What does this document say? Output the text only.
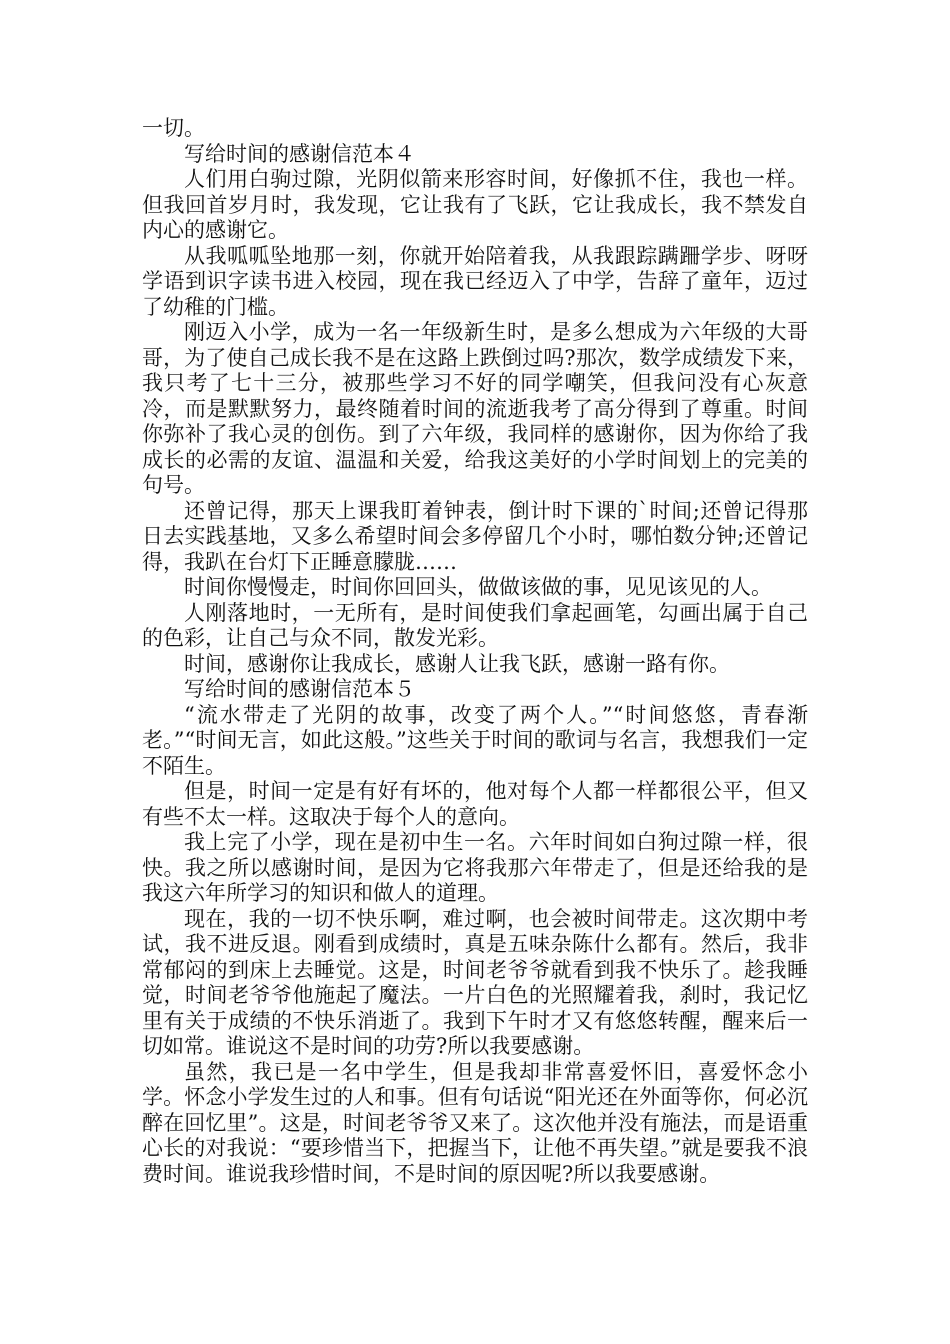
一切。

写给时间的感谢信范本４

人们用白驹过隙，光阴似箭来形容时间，好像抓不住，我也一样。但我回首岁月时，我发现，它让我有了飞跃，它让我成长，我不禁发自内心的感谢它。

从我呱呱坠地那一刻，你就开始陪着我，从我跟踪蹒跚学步、呀呀学语到识字读书进入校园，现在我已经迈入了中学，告辞了童年，迈过了幼稚的门槛。

刚迈入小学，成为一名一年级新生时，是多么想成为六年级的大哥哥，为了使自己成长我不是在这路上跌倒过吗?那次，数学成绩发下来，我只考了七十三分，被那些学习不好的同学嘲笑，但我问没有心灰意冷，而是默默努力，最终随着时间的流逝我考了高分得到了尊重。时间你弥补了我心灵的创伤。到了六年级，我同样的感谢你，因为你给了我成长的必需的友谊、温温和关爱，给我这美好的小学时间划上的完美的句号。

还曾记得，那天上课我盯着钟表，倒计时下课的`时间;还曾记得那日去实践基地，又多么希望时间会多停留几个小时，哪怕数分钟;还曾记得，我趴在台灯下正睡意朦胧……

时间你慢慢走，时间你回回头，做做该做的事，见见该见的人。

人刚落地时，一无所有，是时间使我们拿起画笔，勾画出属于自己的色彩，让自己与众不同，散发光彩。

时间，感谢你让我成长，感谢人让我飞跃，感谢一路有你。

写给时间的感谢信范本５

“流水带走了光阴的故事，改变了两个人。”“时间悠悠，青春渐老。”“时间无言，如此这般。”这些关于时间的歌词与名言，我想我们一定不陌生。

但是，时间一定是有好有坏的，他对每个人都一样都很公平，但又有些不太一样。这取决于每个人的意向。

我上完了小学，现在是初中生一名。六年时间如白狗过隙一样，很快。我之所以感谢时间，是因为它将我那六年带走了，但是还给我的是我这六年所学习的知识和做人的道理。

现在，我的一切不快乐啊，难过啊，也会被时间带走。这次期中考试，我不进反退。刚看到成绩时，真是五味杂陈什么都有。然后，我非常郁闷的到床上去睡觉。这是，时间老爷爷就看到我不快乐了。趁我睡觉，时间老爷爷他施起了魔法。一片白色的光照耀着我，刹时，我记忆里有关于成绩的不快乐消逝了。我到下午时才又有悠悠转醒，醒来后一切如常。谁说这不是时间的功劳?所以我要感谢。

虽然，我已是一名中学生，但是我却非常喜爱怀旧，喜爱怀念小学。怀念小学发生过的人和事。但有句话说“阳光还在外面等你，何必沉醉在回忆里”。这是，时间老爷爷又来了。这次他并没有施法，而是语重心长的对我说：“要珍惜当下，把握当下，让他不再失望。”就是要我不浪费时间。谁说我珍惜时间，不是时间的原因呢?所以我要感谢。
